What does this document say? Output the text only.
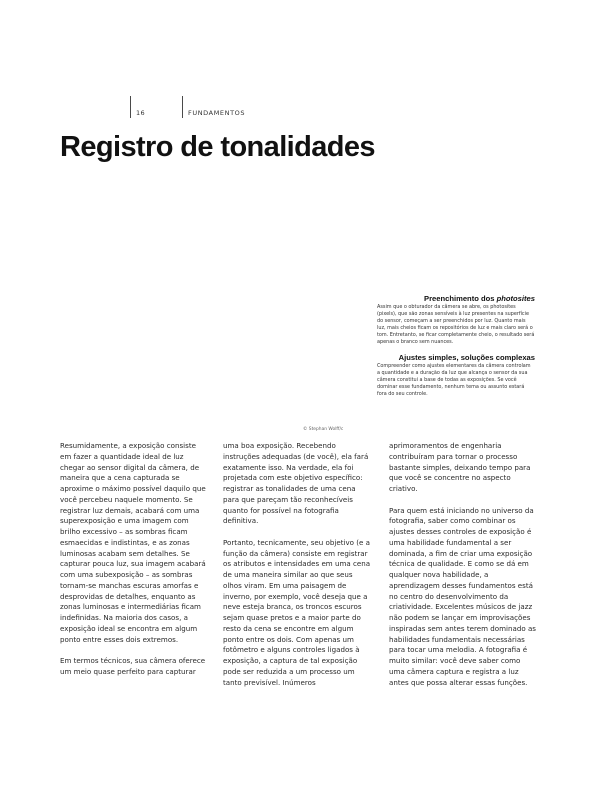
16	FUNDAMENTOS
Registro de tonalidades

Preenchimento dos photosites

Assim que o obturador da câmera se abre, os photosites (pixels), que são zonas sensíveis à luz presentes na superfície do sensor, começam a ser preenchidos por luz. Quanto mais luz, mais cheios ficam os repositórios de luz e mais claro será o tom. Entretanto, se ficar completamente cheio, o resultado será apenas o branco sem nuances.

Ajustes simples, soluções complexas

Compreender como ajustes elementares da câmera controlam a quantidade e a duração da luz que alcança o sensor da sua câmera constitui a base de todas as exposições. Se você dominar esse fundamento, nenhum tema ou assunto estará fora do seu controle.

© Stephan Wolff/c

Resumidamente, a exposição consiste em fazer a quantidade ideal de luz chegar ao sensor digital da câmera, de maneira que a cena capturada se aproxime o máximo possível daquilo que você percebeu naquele momento. Se registrar luz demais, acabará com uma superexposição e uma imagem com brilho excessivo – as sombras ficam esmaecidas e indistintas, e as zonas luminosas acabam sem detalhes. Se capturar pouca luz, sua imagem acabará com uma subexposição – as sombras tornam-se manchas escuras amorfas e desprovidas de detalhes, enquanto as zonas luminosas e intermediárias ficam indefinidas. Na maioria dos casos, a exposição ideal se encontra em algum ponto entre esses dois extremos.

Em termos técnicos, sua câmera oferece um meio quase perfeito para capturar

uma boa exposição. Recebendo instruções adequadas (de você), ela fará exatamente isso. Na verdade, ela foi projetada com este objetivo específico: registrar as tonalidades de uma cena para que pareçam tão reconhecíveis quanto for possível na fotografia definitiva.

Portanto, tecnicamente, seu objetivo (e a função da câmera) consiste em registrar os atributos e intensidades em uma cena de uma maneira similar ao que seus olhos viram. Em uma paisagem de inverno, por exemplo, você deseja que a neve esteja branca, os troncos escuros sejam quase pretos e a maior parte do resto da cena se encontre em algum ponto entre os dois. Com apenas um fotômetro e alguns controles ligados à exposição, a captura de tal exposição pode ser reduzida a um processo um tanto previsível. Inúmeros

aprimoramentos de engenharia contribuíram para tornar o processo bastante simples, deixando tempo para que você se concentre no aspecto criativo.

Para quem está iniciando no universo da fotografia, saber como combinar os ajustes desses controles de exposição é uma habilidade fundamental a ser dominada, a fim de criar uma exposição técnica de qualidade. E como se dá em qualquer nova habilidade, a aprendizagem desses fundamentos está no centro do desenvolvimento da criatividade. Excelentes músicos de jazz não podem se lançar em improvisações inspiradas sem antes terem dominado as habilidades fundamentais necessárias para tocar uma melodia. A fotografia é muito similar: você deve saber como uma câmera captura e registra a luz antes que possa alterar essas funções.
